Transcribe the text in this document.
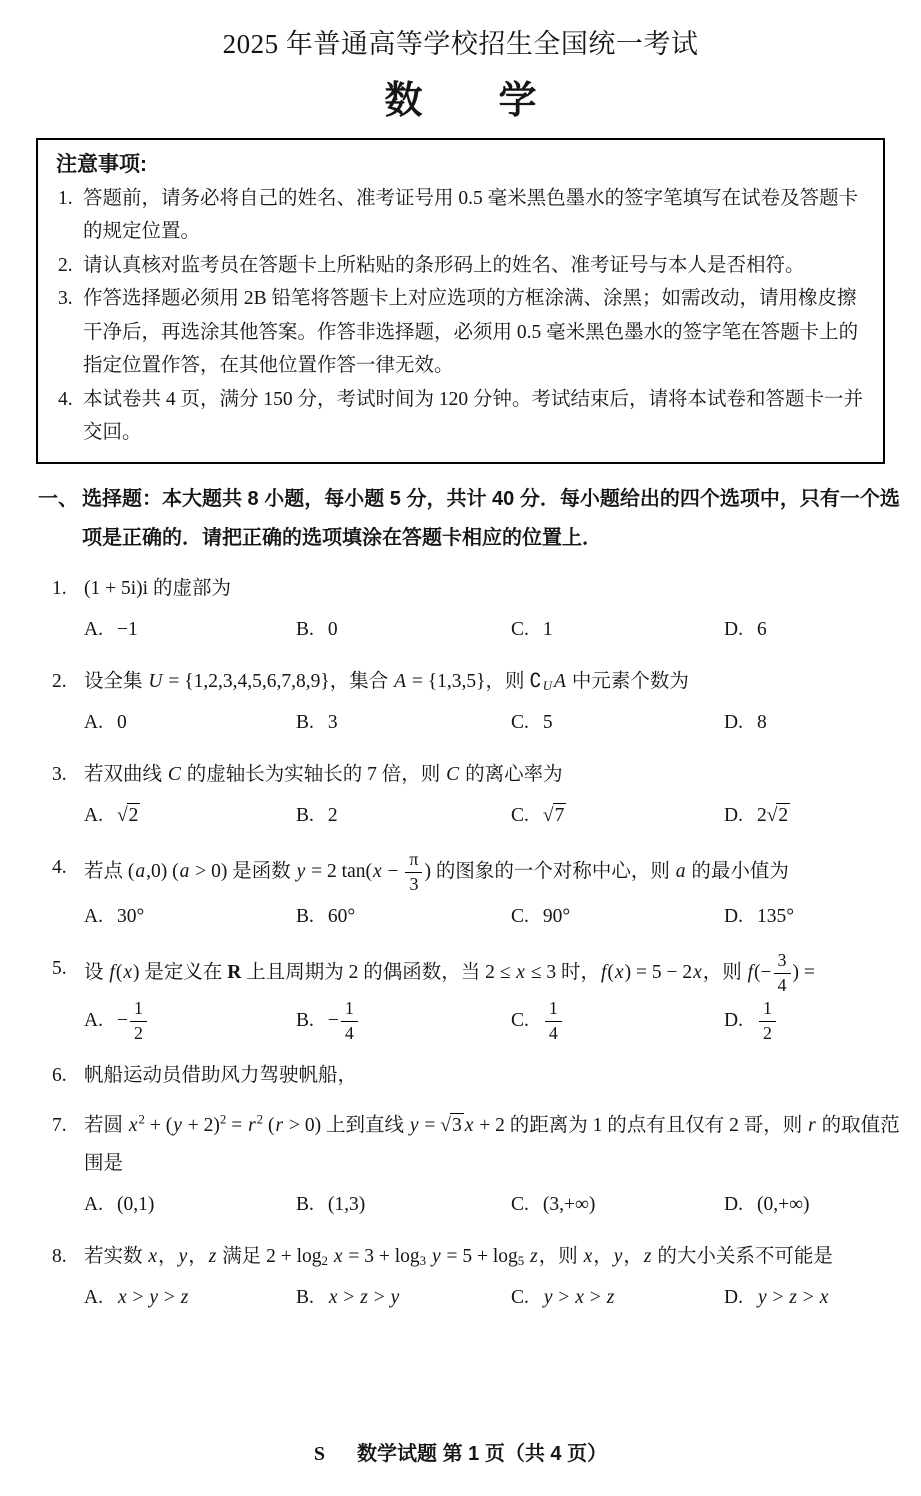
2025 年普通高等学校招生全国统一考试
数　　学
注意事项:
1. 答题前，请务必将自己的姓名、准考证号用 0.5 毫米黑色墨水的签字笔填写在试卷及答题卡的规定位置。
2. 请认真核对监考员在答题卡上所粘贴的条形码上的姓名、准考证号与本人是否相符。
3. 作答选择题必须用 2B 铅笔将答题卡上对应选项的方框涂满、涂黑；如需改动，请用橡皮擦干净后，再选涂其他答案。作答非选择题，必须用 0.5 毫米黑色墨水的签字笔在答题卡上的指定位置作答，在其他位置作答一律无效。
4. 本试卷共 4 页，满分 150 分，考试时间为 120 分钟。考试结束后，请将本试卷和答题卡一并交回。
一、 选择题：本大题共 8 小题，每小题 5 分，共计 40 分．每小题给出的四个选项中，只有一个选项是正确的．请把正确的选项填涂在答题卡相应的位置上．
1. (1 + 5i)i 的虚部为
A. −1	B. 0	C. 1	D. 6
2. 设全集 U = {1,2,3,4,5,6,7,8,9}，集合 A = {1,3,5}，则 $∁_U$ A 中元素个数为
A. 0	B. 3	C. 5	D. 8
3. 若双曲线 C 的虚轴长为实轴长的 7 倍，则 C 的离心率为
A. √2	B. 2	C. √7	D. 2√2
4. 若点 (a,0) (a > 0) 是函数 y = 2 $\tan(x - \frac{\pi}{3}$ ) 的图象的一个对称中心，则 a 的最小值为
A. 30°	B. 60°	C. 90°	D. 135°
5. 设 f(x) 是定义在 R 上且周期为 2 的偶函数，当 2 ≤ x ≤ 3 时，f(x) = 5 − 2x，则 $f(- \frac{3}{4}$ ) =
A. − $\frac{1}{2}$	B. − $\frac{1}{4}$	C. $\frac{1}{4}$	D. $\frac{1}{2}$
6. 帆船运动员借助风力驾驶帆船，
7. 若圆 $x^2 + (y + 2)^2 = r^2$ (r > 0) 上到直线 y = √3 x + 2 的距离为 1 的点有且仅有 2 哥，则 r 的取值范围是
A. (0,1)	B. (1,3)	C. (3,+∞)	D. (0,+∞)
8. 若实数 x，y，z 满足 $2 + \log_2 x = 3 + \log_3 y = 5 + \log_5 z$，则 x，y，z 的大小关系不可能是
A. x > y > z	B. x > z > y	C. y > x > z	D. y > z > x
S 数学试题 第 1 页（共 4 页）
